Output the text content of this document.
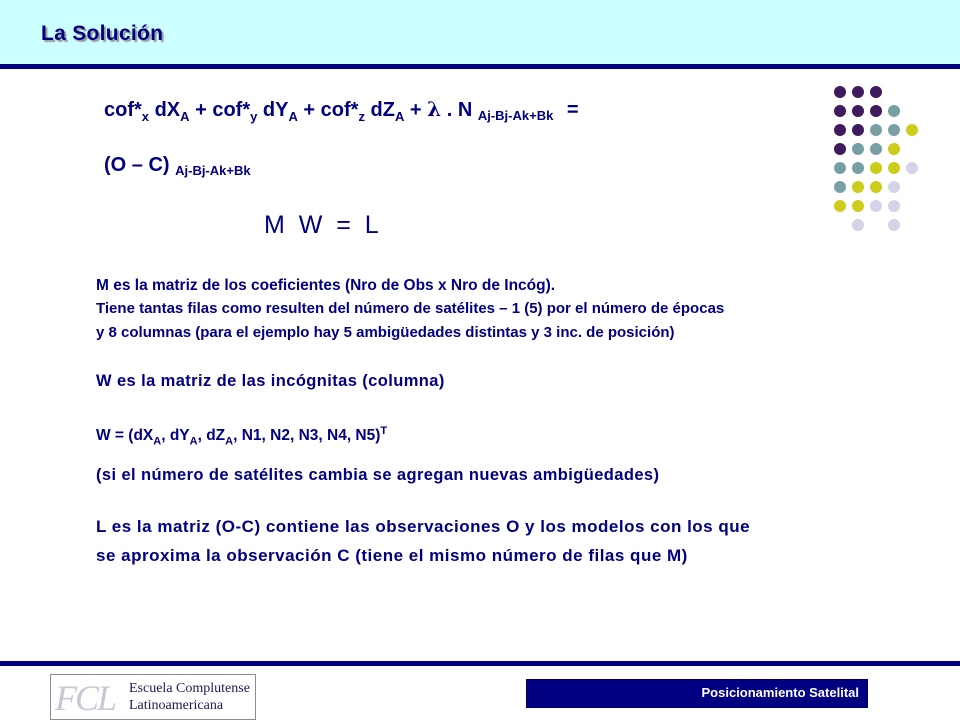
La Solución
$cof*_x$ $dX_A + cof*_y$ $dY_A + cof*_z$ $dZ_A + \lambda$ . N $_{Aj-Bj-Ak+Bk}$ =
(O – C) $_{Aj-Bj-Ak+Bk}$
M  W  =  L
M es la matriz de los coeficientes (Nro de Obs x Nro de Incóg).
Tiene tantas filas como resulten del número de satélites – 1 (5) por el número de épocas
y 8 columnas (para el ejemplo hay 5 ambigüedades distintas y 3 inc. de posición)
W es la matriz de las incógnitas (columna)
$W = (dX_A$, $dY_A$, $dZ_A$, N1, N2, N3, N4, N5)$^T$
(si el número de satélites cambia se agregan nuevas ambigüedades)
L es la matriz (O-C) contiene las observaciones O y los modelos con los que
se aproxima la observación C (tiene el mismo número de filas que M)
FCL Escuela Complutense
Latinoamericana
Posicionamiento Satelital
